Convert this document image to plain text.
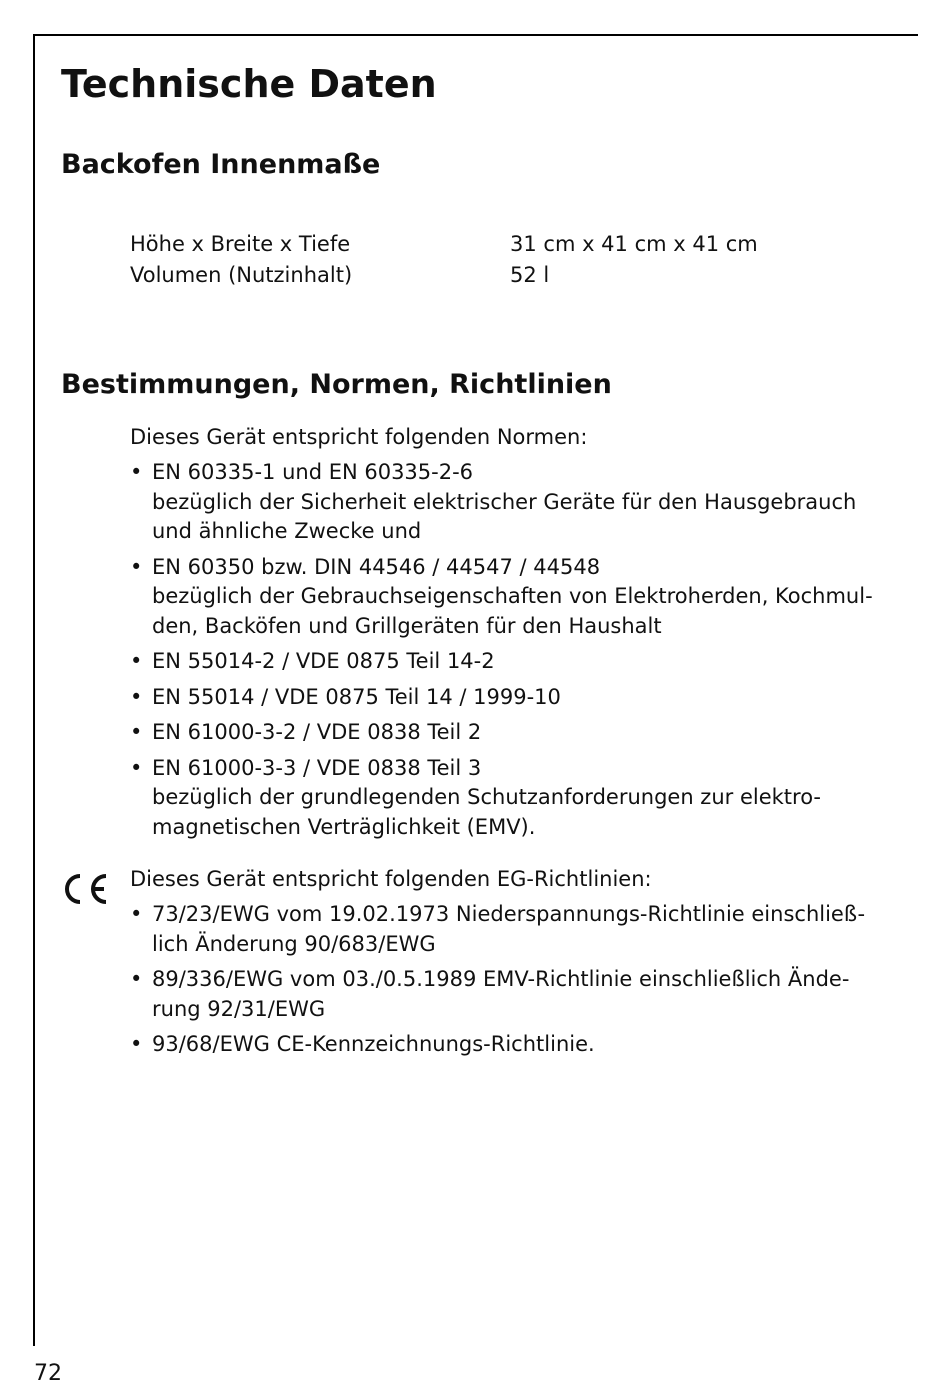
Technische Daten
Backofen Innenmaße
Höhe x Breite x Tiefe	31 cm x 41 cm x 41 cm
Volumen (Nutzinhalt)	52 l
Bestimmungen, Normen, Richtlinien
Dieses Gerät entspricht folgenden Normen:
• EN 60335-1 und EN 60335-2-6
bezüglich der Sicherheit elektrischer Geräte für den Hausgebrauch
und ähnliche Zwecke und
• EN 60350 bzw. DIN 44546 / 44547 / 44548
bezüglich der Gebrauchseigenschaften von Elektroherden, Kochmul-
den, Backöfen und Grillgeräten für den Haushalt
• EN 55014-2 / VDE 0875 Teil 14-2
• EN 55014 / VDE 0875 Teil 14 / 1999-10
• EN 61000-3-2 / VDE 0838 Teil 2
• EN 61000-3-3 / VDE 0838 Teil 3
bezüglich der grundlegenden Schutzanforderungen zur elektro-
magnetischen Verträglichkeit (EMV).
Dieses Gerät entspricht folgenden EG-Richtlinien:
• 73/23/EWG vom 19.02.1973 Niederspannungs-Richtlinie einschließ-
lich Änderung 90/683/EWG
• 89/336/EWG vom 03./0.5.1989 EMV-Richtlinie einschließlich Ände-
rung 92/31/EWG
• 93/68/EWG CE-Kennzeichnungs-Richtlinie.
72
